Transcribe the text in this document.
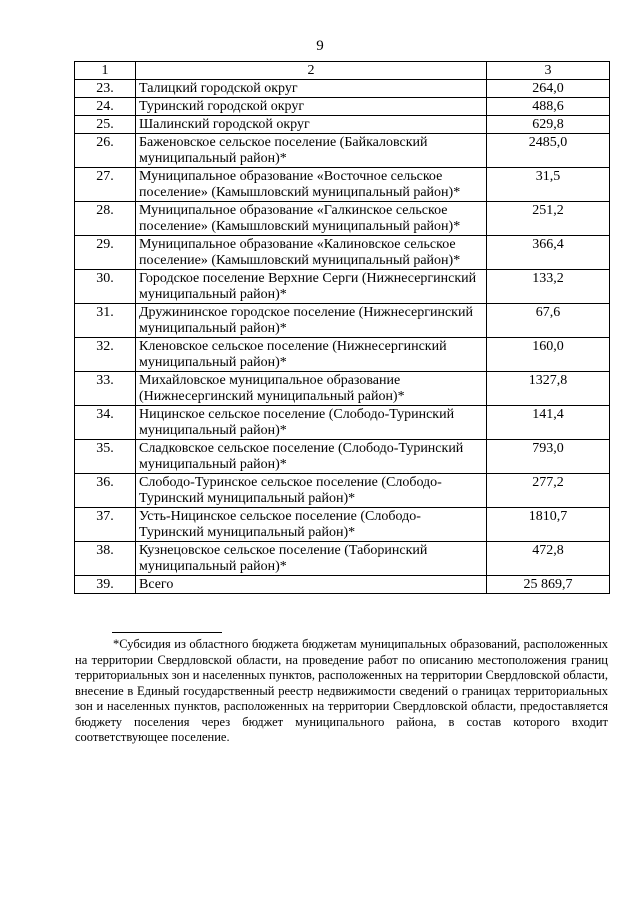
9
1	2	3
23.	Талицкий городской округ	264,0
24.	Туринский городской округ	488,6
25.	Шалинский городской округ	629,8
26.	Баженовское сельское поселение (Байкаловский муниципальный район)*	2485,0
27.	Муниципальное образование «Восточное сельское поселение» (Камышловский муниципальный район)*	31,5
28.	Муниципальное образование «Галкинское сельское поселение» (Камышловский муниципальный район)*	251,2
29.	Муниципальное образование «Калиновское сельское поселение» (Камышловский муниципальный район)*	366,4
30.	Городское поселение Верхние Серги (Нижнесергинский муниципальный район)*	133,2
31.	Дружининское городское поселение (Нижнесергинский муниципальный район)*	67,6
32.	Кленовское сельское поселение (Нижнесергинский муниципальный район)*	160,0
33.	Михайловское муниципальное образование (Нижнесергинский муниципальный район)*	1327,8
34.	Ницинское сельское поселение (Слободо-Туринский муниципальный район)*	141,4
35.	Сладковское сельское поселение (Слободо-Туринский муниципальный район)*	793,0
36.	Слободо-Туринское сельское поселение (Слободо-Туринский муниципальный район)*	277,2
37.	Усть-Ницинское сельское поселение (Слободо-Туринский муниципальный район)*	1810,7
38.	Кузнецовское сельское поселение (Таборинский муниципальный район)*	472,8
39.	Всего	25 869,7

*Субсидия из областного бюджета бюджетам муниципальных образований, расположенных на территории Свердловской области, на проведение работ по описанию местоположения границ территориальных зон и населенных пунктов, расположенных на территории Свердловской области, внесение в Единый государственный реестр недвижимости сведений о границах территориальных зон и населенных пунктов, расположенных на территории Свердловской области, предоставляется бюджету поселения через бюджет муниципального района, в состав которого входит соответствующее поселение.
